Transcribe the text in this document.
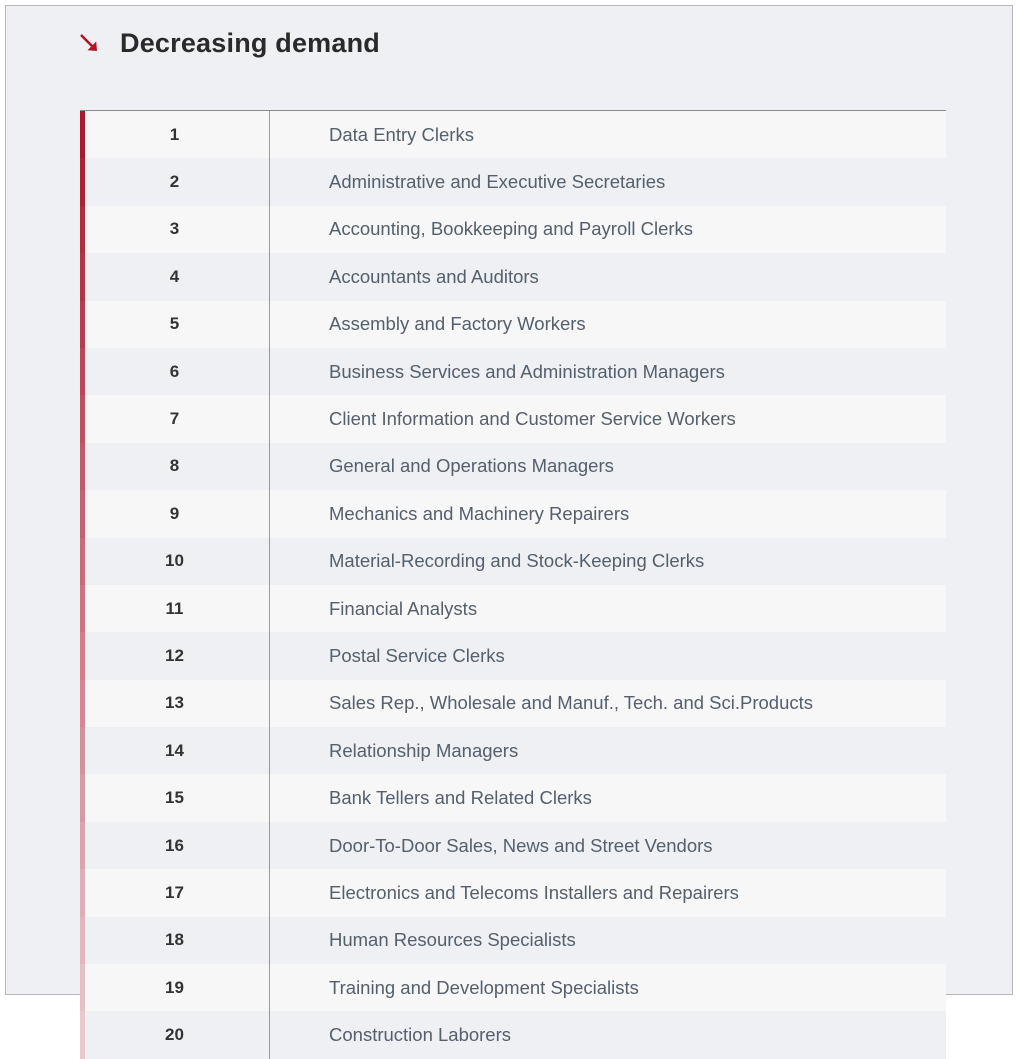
Decreasing demand
1	Data Entry Clerks
2	Administrative and Executive Secretaries
3	Accounting, Bookkeeping and Payroll Clerks
4	Accountants and Auditors
5	Assembly and Factory Workers
6	Business Services and Administration Managers
7	Client Information and Customer Service Workers
8	General and Operations Managers
9	Mechanics and Machinery Repairers
10	Material-Recording and Stock-Keeping Clerks
11	Financial Analysts
12	Postal Service Clerks
13	Sales Rep., Wholesale and Manuf., Tech. and Sci.Products
14	Relationship Managers
15	Bank Tellers and Related Clerks
16	Door-To-Door Sales, News and Street Vendors
17	Electronics and Telecoms Installers and Repairers
18	Human Resources Specialists
19	Training and Development Specialists
20	Construction Laborers
